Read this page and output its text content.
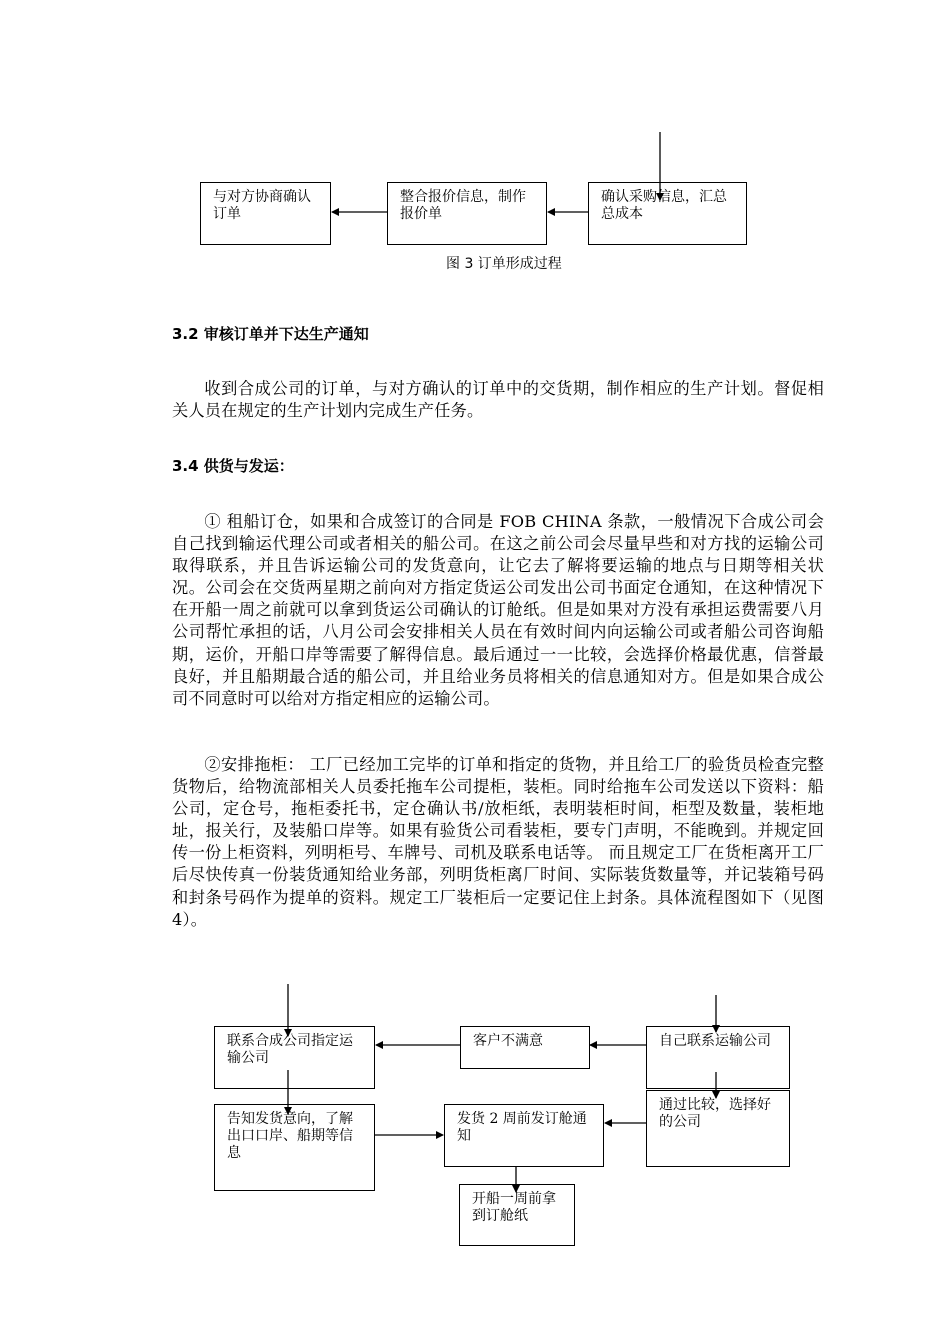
确认采购信息，汇总总成本
整合报价信息，制作报价单
与对方协商确认订单
图 3 订单形成过程
3.2 审核订单并下达生产通知

收到合成公司的订单，与对方确认的订单中的交货期，制作相应的生产计划。督促相关人员在规定的生产计划内完成生产任务。

3.4 供货与发运：

① 租船订仓，如果和合成签订的合同是 FOB CHINA 条款，一般情况下合成公司会自己找到输运代理公司或者相关的船公司。在这之前公司会尽量早些和对方找的运输公司取得联系，并且告诉运输公司的发货意向，让它去了解将要运输的地点与日期等相关状况。公司会在交货两星期之前向对方指定货运公司发出公司书面定仓通知，在这种情况下在开船一周之前就可以拿到货运公司确认的订舱纸。但是如果对方没有承担运费需要八月公司帮忙承担的话，八月公司会安排相关人员在有效时间内向运输公司或者船公司咨询船期，运价，开船口岸等需要了解得信息。最后通过一一比较，会选择价格最优惠，信誉最良好，并且船期最合适的船公司，并且给业务员将相关的信息通知对方。但是如果合成公司不同意时可以给对方指定相应的运输公司。

②安排拖柜： 工厂已经加工完毕的订单和指定的货物，并且给工厂的验货员检查完整货物后，给物流部相关人员委托拖车公司提柜，装柜。同时给拖车公司发送以下资料：船公司，定仓号，拖柜委托书，定仓确认书/放柜纸，表明装柜时间，柜型及数量，装柜地址，报关行，及装船口岸等。如果有验货公司看装柜，要专门声明，不能晚到。并规定回传一份上柜资料，列明柜号、车牌号、司机及联系电话等。 而且规定工厂在货柜离开工厂后尽快传真一份装货通知给业务部，列明货柜离厂时间、实际装货数量等，并记装箱号码和封条号码作为提单的资料。规定工厂装柜后一定要记住上封条。具体流程图如下（见图 4）。

联系合成公司指定运输公司
客户不满意	自己联系运输公司
通过比较，选择好的公司
告知发货意向，了解出口口岸、船期等信息
发货 2 周前发订舱通知
开船一周前拿到订舱纸
